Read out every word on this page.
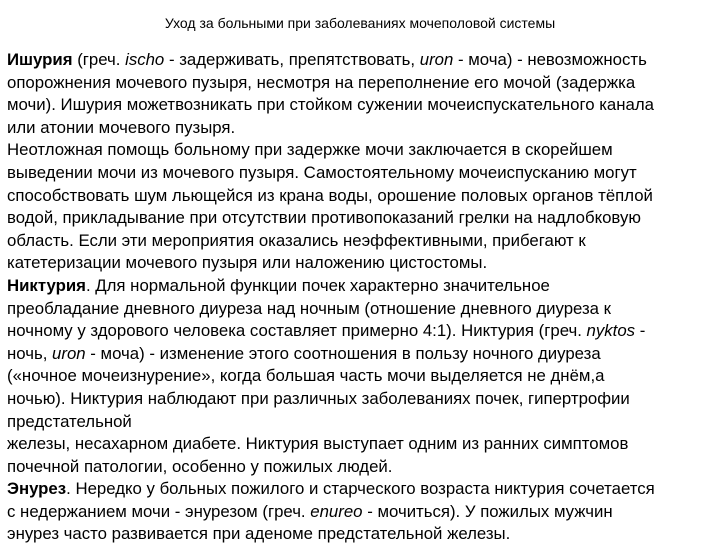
Уход за больными при заболеваниях мочеполовой системы
Ишурия (греч. ischo - задерживать, препятствовать, uron - моча) - невозможность
опорожнения мочевого пузыря, несмотря на переполнение его мочой (задержка
мочи). Ишурия можетвозникать при стойком сужении мочеиспускательного канала
или атонии мочевого пузыря.
Неотложная помощь больному при задержке мочи заключается в скорейшем
выведении мочи из мочевого пузыря. Самостоятельному мочеиспусканию могут
способствовать шум льющейся из крана воды, орошение половых органов тёплой
водой, прикладывание при отсутствии противопоказаний грелки на надлобковую
область. Если эти мероприятия оказались неэффективными, прибегают к
катетеризации мочевого пузыря или наложению цистостомы.
Никтурия. Для нормальной функции почек характерно значительное
преобладание дневного диуреза над ночным (отношение дневного диуреза к
ночному у здорового человека составляет примерно 4:1). Никтурия (греч. nyktos -
ночь, uron - моча) - изменение этого соотношения в пользу ночного диуреза
(«ночное мочеизнурение», когда большая часть мочи выделяется не днём,а
ночью). Никтурия наблюдают при различных заболеваниях почек, гипертрофии
предстательной
железы, несахарном диабете. Никтурия выступает одним из ранних симптомов
почечной патологии, особенно у пожилых людей.
Энурез. Нередко у больных пожилого и старческого возраста никтурия сочетается
с недержанием мочи - энурезом (греч. enureo - мочиться). У пожилых мужчин
энурез часто развивается при аденоме предстательной железы.
